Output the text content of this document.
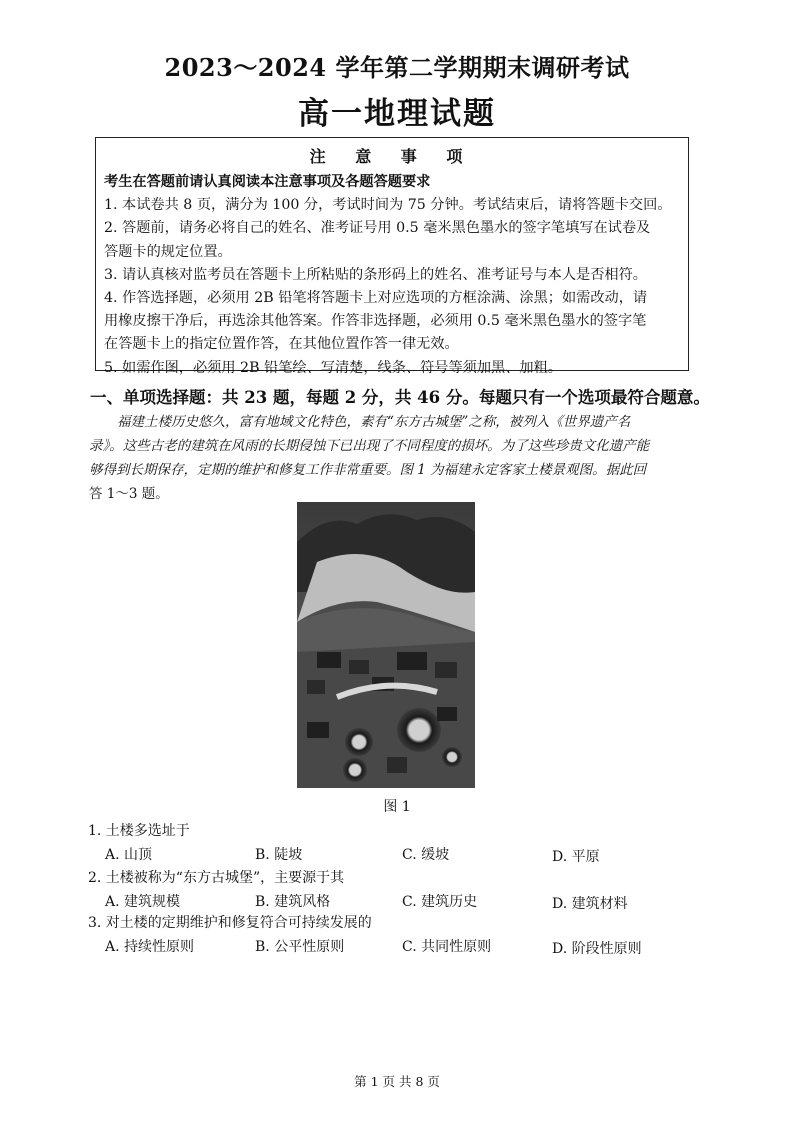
2023～2024 学年第二学期期末调研考试
高一地理试题
注 意 事 项
考生在答题前请认真阅读本注意事项及各题答题要求
1. 本试卷共 8 页，满分为 100 分，考试时间为 75 分钟。考试结束后，请将答题卡交回。
2. 答题前，请务必将自己的姓名、准考证号用 0.5 毫米黑色墨水的签字笔填写在试卷及
答题卡的规定位置。
3. 请认真核对监考员在答题卡上所粘贴的条形码上的姓名、准考证号与本人是否相符。
4. 作答选择题，必须用 2B 铅笔将答题卡上对应选项的方框涂满、涂黑；如需改动，请
用橡皮擦干净后，再选涂其他答案。作答非选择题，必须用 0.5 毫米黑色墨水的签字笔
在答题卡上的指定位置作答，在其他位置作答一律无效。
5. 如需作图，必须用 2B 铅笔绘、写清楚，线条、符号等须加黑、加粗。
一、单项选择题：共 23 题，每题 2 分，共 46 分。每题只有一个选项最符合题意。

福建土楼历史悠久，富有地域文化特色，素有“东方古城堡”之称，被列入《世界遗产名

录》。这些古老的建筑在风雨的长期侵蚀下已出现了不同程度的损坏。为了这些珍贵文化遗产能

够得到长期保存，定期的维护和修复工作非常重要。图 1 为福建永定客家土楼景观图。据此回

答 1～3 题。

图 1
1. 土楼多选址于
A. 山顶	B. 陡坡	C. 缓坡	D. 平原
2. 土楼被称为“东方古城堡”，主要源于其
A. 建筑规模	B. 建筑风格	C. 建筑历史	D. 建筑材料
3. 对土楼的定期维护和修复符合可持续发展的
A. 持续性原则	B. 公平性原则	C. 共同性原则	D. 阶段性原则
第 1 页 共 8 页
